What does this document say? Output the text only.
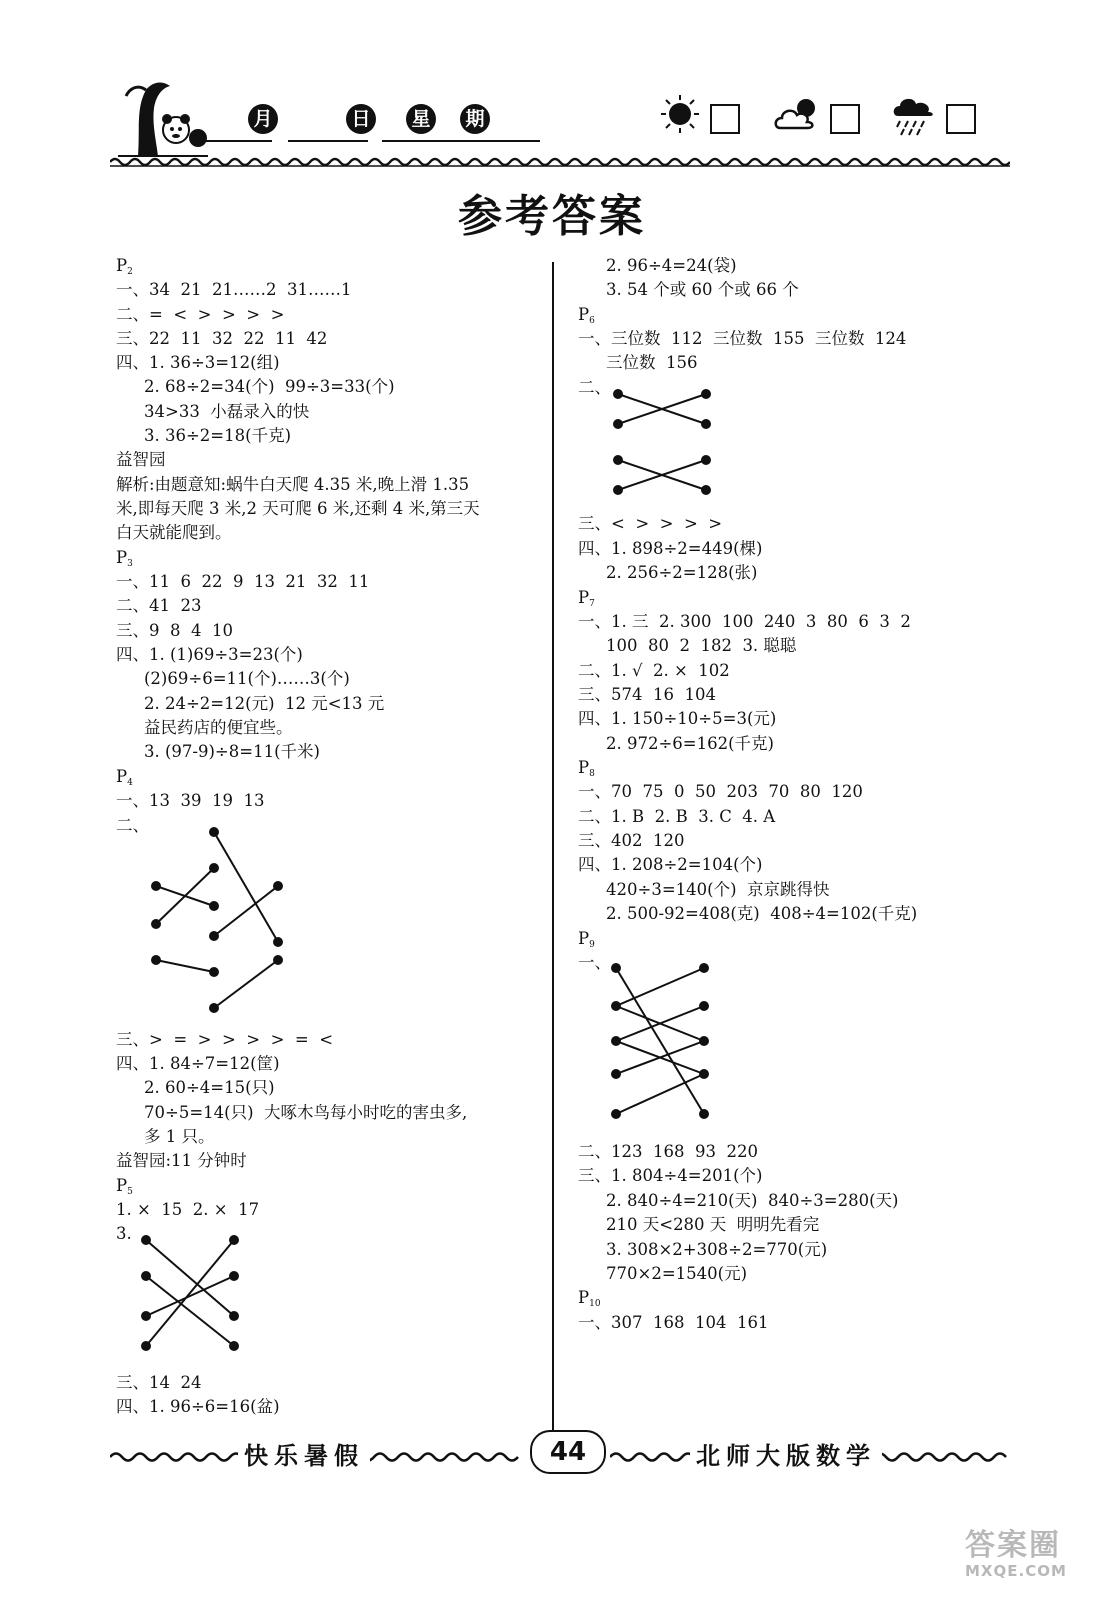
月	日 星 期
参考答案
$P_2$
一、34  21  21……2  31……1
二、=  <  >  >  >  >
三、22  11  32  22  11  42
四、1. 36÷3=12(组)
2. 68÷2=34(个)  99÷3=33(个)
34>33  小磊录入的快
3. 36÷2=18(千克)
益智园
解析:由题意知:蜗牛白天爬 4.35 米,晚上滑 1.35
米,即每天爬 3 米,2 天可爬 6 米,还剩 4 米,第三天
白天就能爬到。
$P_3$
一、11  6  22  9  13  21  32  11
二、41  23
三、9  8  4  10
四、1. (1)69÷3=23(个)
(2)69÷6=11(个)……3(个)
2. 24÷2=12(元)  12 元<13 元
益民药店的便宜些。
3. (97-9)÷8=11(千米)
$P_4$
一、13  39  19  13
二、
三、>  =  >  >  >  >  =  <
四、1. 84÷7=12(筐)
2. 60÷4=15(只)
70÷5=14(只)  大啄木鸟每小时吃的害虫多,
多 1 只。
益智园:11 分钟时
$P_5$
1. ×  15  2. ×  17
3.
三、14  24
四、1. 96÷6=16(盆)
2. 96÷4=24(袋)
3. 54 个或 60 个或 66 个
$P_6$
一、三位数  112  三位数  155  三位数  124
三位数  156
二、
三、<  >  >  >  >
四、1. 898÷2=449(棵)
2. 256÷2=128(张)
$P_7$
一、1. 三  2. 300  100  240  3  80  6  3  2
100  80  2  182  3. 聪聪
二、1. √  2. ×  102
三、574  16  104
四、1. 150÷10÷5=3(元)
2. 972÷6=162(千克)
$P_8$
一、70  75  0  50  203  70  80  120
二、1. B  2. B  3. C  4. A
三、402  120
四、1. 208÷2=104(个)
420÷3=140(个)  京京跳得快
2. 500-92=408(克)  408÷4=102(千克)
$P_9$
一、
二、123  168  93  220
三、1. 804÷4=201(个)
2. 840÷4=210(天)  840÷3=280(天)
210 天<280 天  明明先看完
3. 308×2+308÷2=770(元)
770×2=1540(元)
$P_{10}$
一、307  168  104  161
快乐暑假	44	北师大版数学
答案圈
MXQE.COM
